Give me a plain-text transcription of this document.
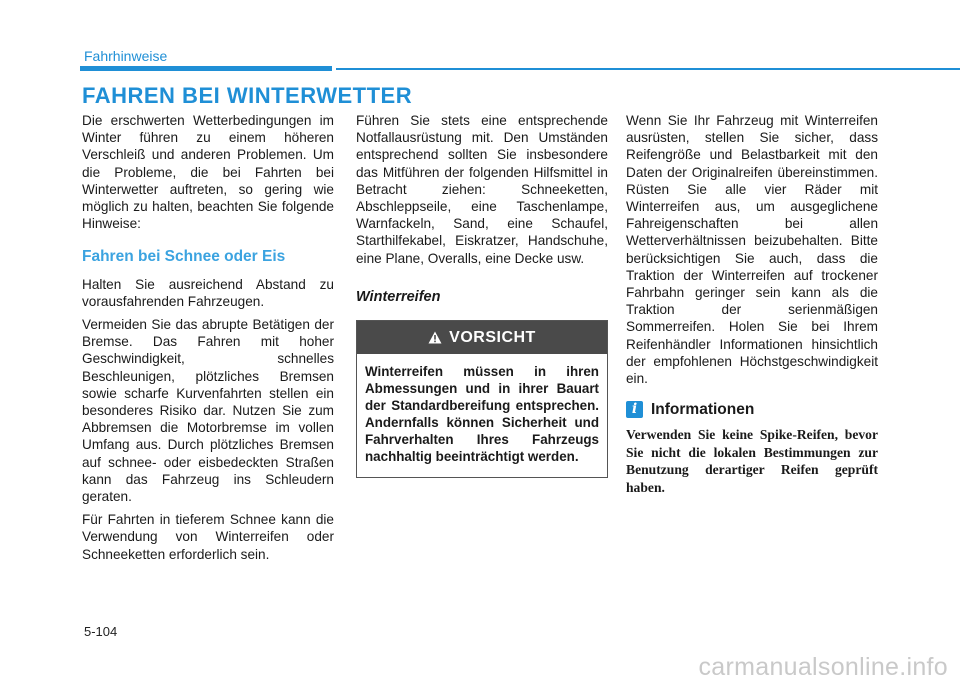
Fahrhinweise
FAHREN BEI WINTERWETTER

Die erschwerten Wetterbedingungen im Winter führen zu einem höheren Verschleiß und anderen Problemen. Um die Probleme, die bei Fahrten bei Winterwetter auftreten, so gering wie möglich zu halten, beachten Sie folgende Hinweise:

Fahren bei Schnee oder Eis

Halten Sie ausreichend Abstand zu vorausfahrenden Fahrzeugen.

Vermeiden Sie das abrupte Betätigen der Bremse. Das Fahren mit hoher Geschwindigkeit, schnelles Beschleunigen, plötzliches Bremsen sowie scharfe Kurvenfahrten stellen ein besonderes Risiko dar. Nutzen Sie zum Abbremsen die Motorbremse im vollen Umfang aus. Durch plötzliches Bremsen auf schnee- oder eisbedeckten Straßen kann das Fahrzeug ins Schleudern geraten.

Für Fahrten in tieferem Schnee kann die Verwendung von Winterreifen oder Schneeketten erforderlich sein.

Führen Sie stets eine entsprechende Notfallausrüstung mit. Den Umständen entsprechend sollten Sie insbesondere das Mitführen der folgenden Hilfsmittel in Betracht ziehen: Schneeketten, Abschleppseile, eine Taschenlampe, Warnfackeln, Sand, eine Schaufel, Starthilfekabel, Eiskratzer, Handschuhe, eine Plane, Overalls, eine Decke usw.

Winterreifen
VORSICHT
Winterreifen müssen in ihren Abmessungen und in ihrer Bauart der Standardbereifung entsprechen. Andernfalls können Sicherheit und Fahrverhalten Ihres Fahrzeugs nachhaltig beeinträchtigt werden.

Wenn Sie Ihr Fahrzeug mit Winterreifen ausrüsten, stellen Sie sicher, dass Reifengröße und Belastbarkeit mit den Daten der Originalreifen übereinstimmen. Rüsten Sie alle vier Räder mit Winterreifen aus, um ausgeglichene Fahreigenschaften bei allen Wetterverhältnissen beizubehalten. Bitte berücksichtigen Sie auch, dass die Traktion der Winterreifen auf trockener Fahrbahn geringer sein kann als die Traktion der serienmäßigen Sommerreifen. Holen Sie bei Ihrem Reifenhändler Informationen hinsichtlich der empfohlenen Höchstgeschwindigkeit ein.

i Informationen

Verwenden Sie keine Spike-Reifen, bevor Sie nicht die lokalen Bestimmungen zur Benutzung derartiger Reifen geprüft haben.

5-104
carmanualsonline.info
